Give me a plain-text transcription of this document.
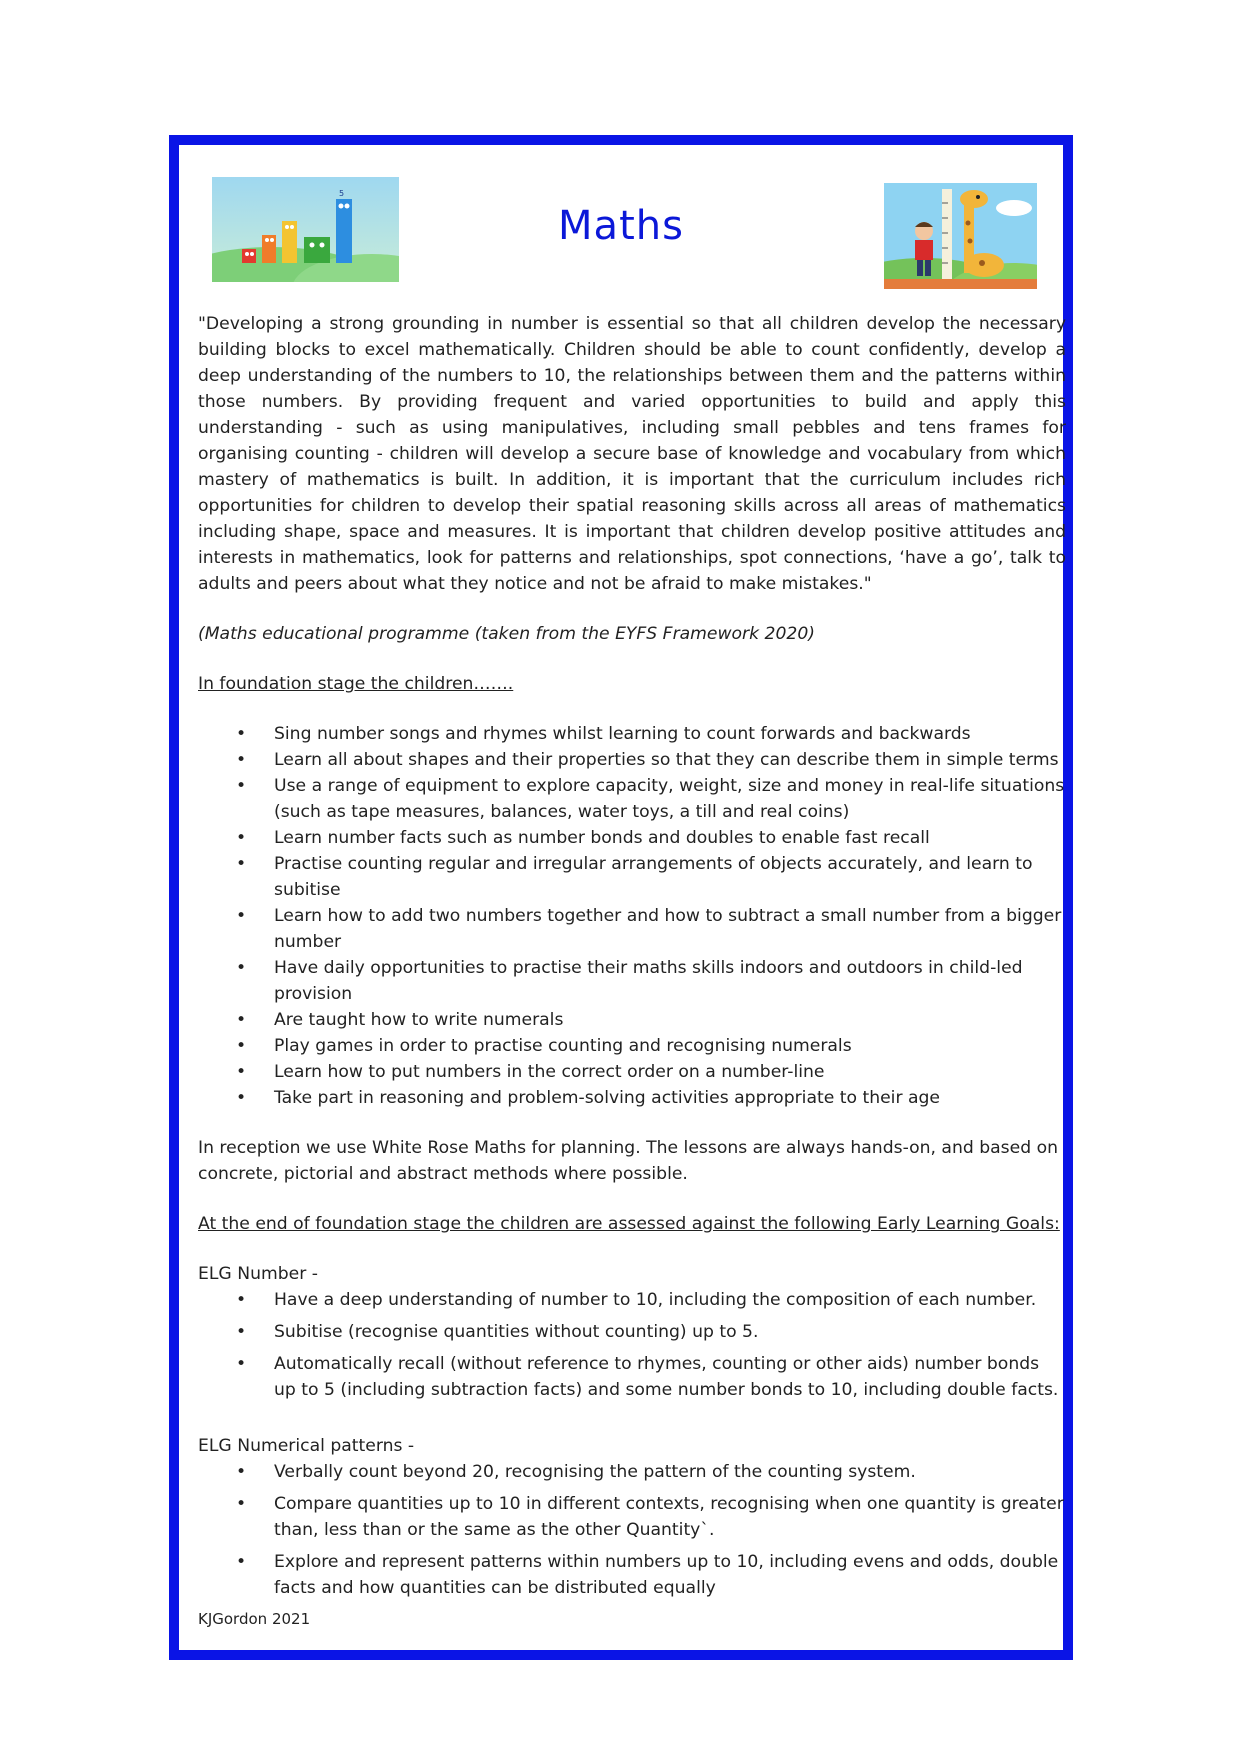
5
Maths

"Developing a strong grounding in number is essential so that all children develop the necessary building blocks to excel mathematically. Children should be able to count confidently, develop a deep understanding of the numbers to 10, the relationships between them and the patterns within those numbers. By providing frequent and varied opportunities to build and apply this understanding - such as using manipulatives, including small pebbles and tens frames for organising counting - children will develop a secure base of knowledge and vocabulary from which mastery of mathematics is built. In addition, it is important that the curriculum includes rich opportunities for children to develop their spatial reasoning skills across all areas of mathematics including shape, space and measures. It is important that children develop positive attitudes and interests in mathematics, look for patterns and relationships, spot connections, ‘have a go’, talk to adults and peers about what they notice and not be afraid to make mistakes."

(Maths educational programme (taken from the EYFS Framework 2020)

In foundation stage the children…….

• Sing number songs and rhymes whilst learning to count forwards and backwards
• Learn all about shapes and their properties so that they can describe them in simple terms
• Use a range of equipment to explore capacity, weight, size and money in real-life situations (such as tape measures, balances, water toys, a till and real coins)
• Learn number facts such as number bonds and doubles to enable fast recall
• Practise counting regular and irregular arrangements of objects accurately, and learn to subitise
• Learn how to add two numbers together and how to subtract a small number from a bigger number
• Have daily opportunities to practise their maths skills indoors and outdoors in child-led provision
• Are taught how to write numerals
• Play games in order to practise counting and recognising numerals
• Learn how to put numbers in the correct order on a number-line
• Take part in reasoning and problem-solving activities appropriate to their age

In reception we use White Rose Maths for planning. The lessons are always hands-on, and based on concrete, pictorial and abstract methods where possible.

At the end of foundation stage the children are assessed against the following Early Learning Goals:

ELG Number -

• Have a deep understanding of number to 10, including the composition of each number.
• Subitise (recognise quantities without counting) up to 5.
• Automatically recall (without reference to rhymes, counting or other aids) number bonds up to 5 (including subtraction facts) and some number bonds to 10, including double facts.

ELG Numerical patterns -

• Verbally count beyond 20, recognising the pattern of the counting system.
• Compare quantities up to 10 in different contexts, recognising when one quantity is greater than, less than or the same as the other Quantity`.
• Explore and represent patterns within numbers up to 10, including evens and odds, double facts and how quantities can be distributed equally
KJGordon 2021
